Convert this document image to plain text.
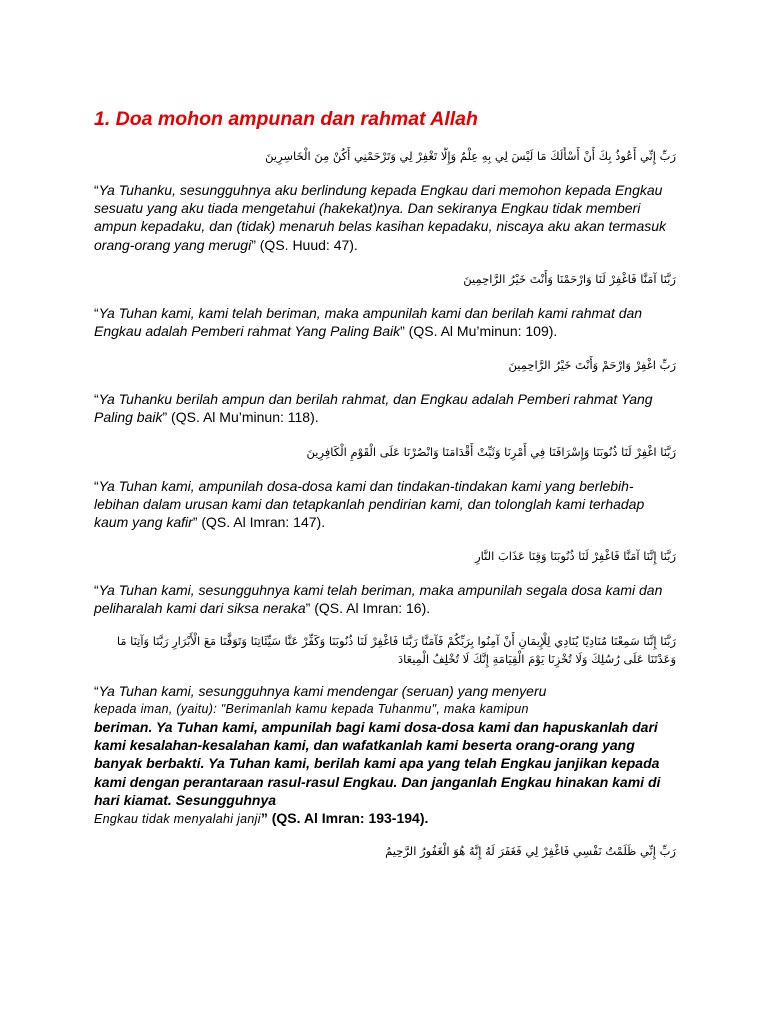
1. Doa mohon ampunan dan rahmat Allah

رَبِّ إِنِّي أَعُوذُ بِكَ أَنْ أَسْأَلَكَ مَا لَيْسَ لِي بِهِ عِلْمٌ وَإِلَّا تَغْفِرْ لِي وَتَرْحَمْنِي أَكُنْ مِنَ الْخَاسِرِينَ

“Ya Tuhanku, sesungguhnya aku berlindung kepada Engkau dari memohon kepada Engkau sesuatu yang aku tiada mengetahui (hakekat)nya. Dan sekiranya Engkau tidak memberi ampun kepadaku, dan (tidak) menaruh belas kasihan kepadaku, niscaya aku akan termasuk orang-orang yang merugi” (QS. Huud: 47).

رَبَّنَا آمَنَّا فَاغْفِرْ لَنَا وَارْحَمْنَا وَأَنْتَ خَيْرُ الرَّاحِمِينَ

“Ya Tuhan kami, kami telah beriman, maka ampunilah kami dan berilah kami rahmat dan Engkau adalah Pemberi rahmat Yang Paling Baik” (QS. Al Mu’minun: 109).

رَبِّ اغْفِرْ وَارْحَمْ وَأَنْتَ خَيْرُ الرَّاحِمِينَ

“Ya Tuhanku berilah ampun dan berilah rahmat, dan Engkau adalah Pemberi rahmat Yang Paling baik” (QS. Al Mu’minun: 118).

رَبَّنَا اغْفِرْ لَنَا ذُنُوبَنَا وَإِسْرَافَنَا فِي أَمْرِنَا وَثَبِّتْ أَقْدَامَنَا وَانْصُرْنَا عَلَى الْقَوْمِ الْكَافِرِينَ

“Ya Tuhan kami, ampunilah dosa-dosa kami dan tindakan-tindakan kami yang berlebih-lebihan dalam urusan kami dan tetapkanlah pendirian kami, dan tolonglah kami terhadap kaum yang kafir” (QS. Al Imran: 147).

رَبَّنَا إِنَّنَا آمَنَّا فَاغْفِرْ لَنَا ذُنُوبَنَا وَقِنَا عَذَابَ النَّارِ

“Ya Tuhan kami, sesungguhnya kami telah beriman, maka ampunilah segala dosa kami dan peliharalah kami dari siksa neraka” (QS. Al Imran: 16).

رَبَّنَا إِنَّنَا سَمِعْنَا مُنَادِيًا يُنَادِي لِلْإِيمَانِ أَنْ آمِنُوا بِرَبِّكُمْ فَآمَنَّا رَبَّنَا فَاغْفِرْ لَنَا ذُنُوبَنَا وَكَفِّرْ عَنَّا سَيِّئَاتِنَا وَتَوَفَّنَا مَعَ الْأَبْرَارِ رَبَّنَا وَآتِنَا مَا وَعَدْتَنَا عَلَى رُسُلِكَ وَلَا تُخْزِنَا يَوْمَ الْقِيَامَةِ إِنَّكَ لَا تُخْلِفُ الْمِيعَادَ

“Ya Tuhan kami, sesungguhnya kami mendengar (seruan) yang menyeru
kepada iman, (yaitu): "Berimanlah kamu kepada Tuhanmu", maka kamipun
beriman. Ya Tuhan kami, ampunilah bagi kami dosa-dosa kami dan hapuskanlah dari kami kesalahan-kesalahan kami, dan wafatkanlah kami beserta orang-orang yang banyak berbakti. Ya Tuhan kami, berilah kami apa yang telah Engkau janjikan kepada kami dengan perantaraan rasul-rasul Engkau. Dan janganlah Engkau hinakan kami di hari kiamat. Sesungguhnya
Engkau tidak menyalahi janji” (QS. Al Imran: 193-194).

رَبِّ إِنِّي ظَلَمْتُ نَفْسِي فَاغْفِرْ لِي فَغَفَرَ لَهُ إِنَّهُ هُوَ الْغَفُورُ الرَّحِيمُ
